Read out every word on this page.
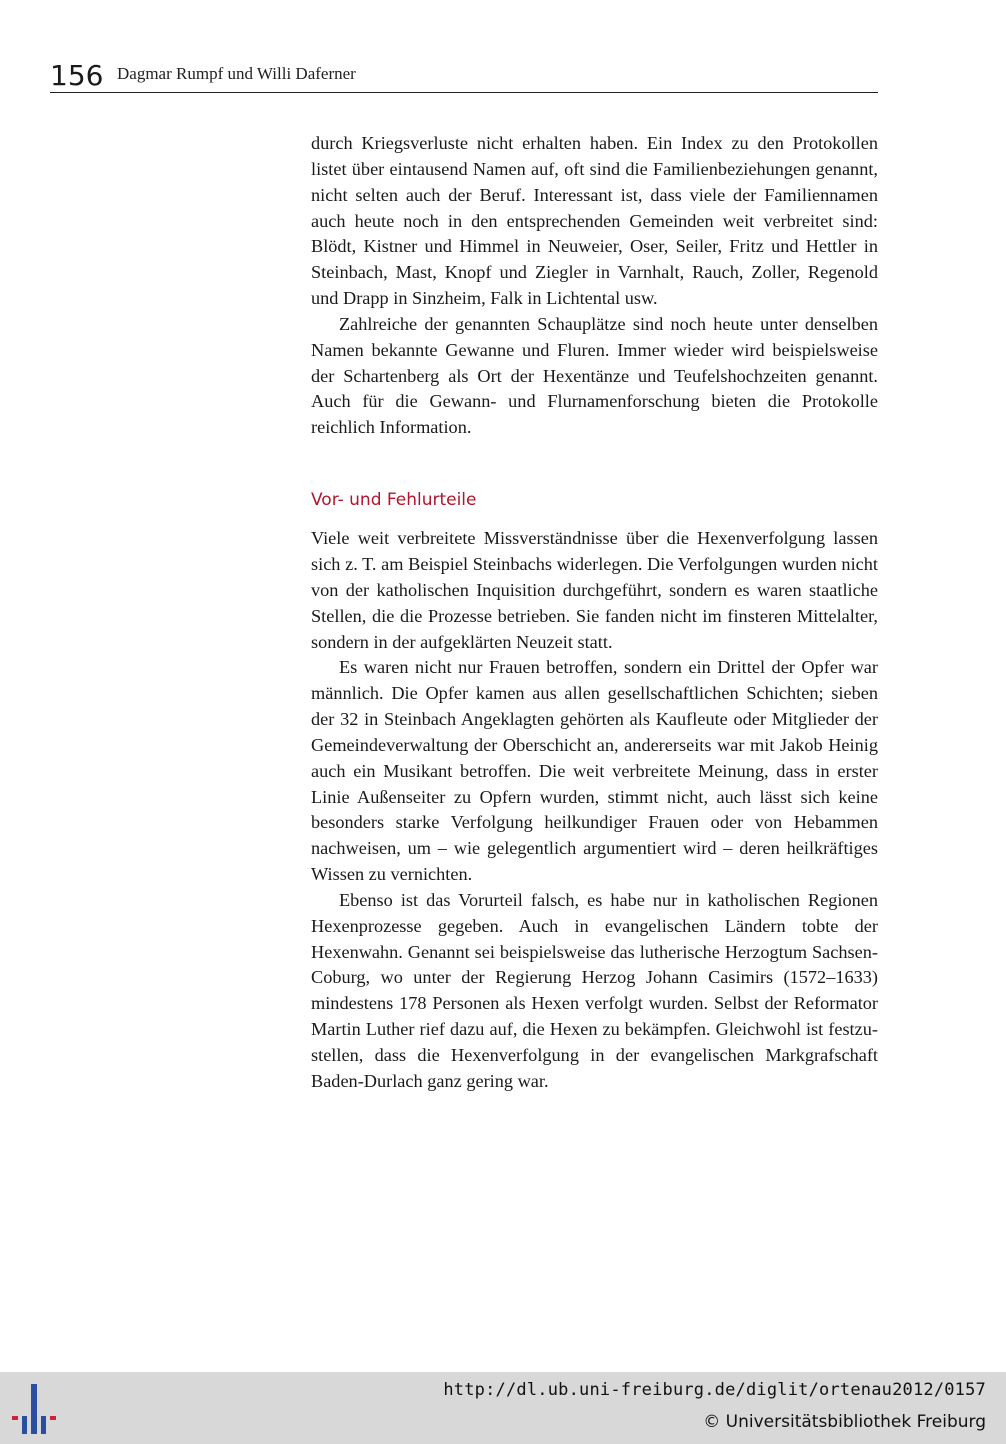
156 Dagmar Rumpf und Willi Daferner

durch Kriegsverluste nicht erhalten haben. Ein Index zu den Protokollen listet über eintausend Namen auf, oft sind die Familienbeziehungen genannt, nicht selten auch der Beruf. Interessant ist, dass viele der Familiennamen auch heute noch in den entsprechenden Gemeinden weit verbreitet sind: Blödt, Kistner und Himmel in Neuweier, Oser, Seiler, Fritz und Hettler in Steinbach, Mast, Knopf und Ziegler in Varnhalt, Rauch, Zoller, Regenold und Drapp in Sinzheim, Falk in Lichtental usw.

Zahlreiche der genannten Schauplätze sind noch heute unter denselben Namen bekannte Gewanne und Fluren. Immer wieder wird beispielsweise der Schartenberg als Ort der Hexentänze und Teufelshochzeiten genannt. Auch für die Gewann- und Flurnamenforschung bieten die Protokolle reichlich Information.

Vor- und Fehlurteile

Viele weit verbreitete Missverständnisse über die Hexenverfolgung lassen sich z. T. am Beispiel Steinbachs widerlegen. Die Verfolgungen wurden nicht von der katholischen Inquisition durchgeführt, sondern es waren staatliche Stellen, die die Prozesse betrieben. Sie fanden nicht im finsteren Mittelalter, sondern in der aufgeklärten Neuzeit statt.

Es waren nicht nur Frauen betroffen, sondern ein Drittel der Opfer war männlich. Die Opfer kamen aus allen gesellschaftlichen Schichten; sieben der 32 in Steinbach Angeklagten gehörten als Kaufleute oder Mitglieder der Gemeindeverwaltung der Oberschicht an, andererseits war mit Jakob Heinig auch ein Musikant betroffen. Die weit verbreitete Meinung, dass in erster Linie Außenseiter zu Opfern wurden, stimmt nicht, auch lässt sich keine besonders starke Verfolgung heilkundiger Frauen oder von Hebammen nachweisen, um – wie gelegentlich argumentiert wird – deren heilkräftiges Wissen zu vernichten.

Ebenso ist das Vorurteil falsch, es habe nur in katholischen Regionen Hexenprozesse gegeben. Auch in evangelischen Ländern tobte der Hexenwahn. Genannt sei beispielsweise das lutherische Herzogtum Sachsen-Coburg, wo unter der Regierung Herzog Johann Casimirs (1572–1633) mindestens 178 Personen als Hexen verfolgt wurden. Selbst der Reformator Martin Luther rief dazu auf, die Hexen zu bekämpfen. Gleichwohl ist festzustellen, dass die Hexenverfolgung in der evangelischen Markgrafschaft Baden-Durlach ganz gering war.

http://dl.ub.uni-freiburg.de/diglit/ortenau2012/0157
© Universitätsbibliothek Freiburg
